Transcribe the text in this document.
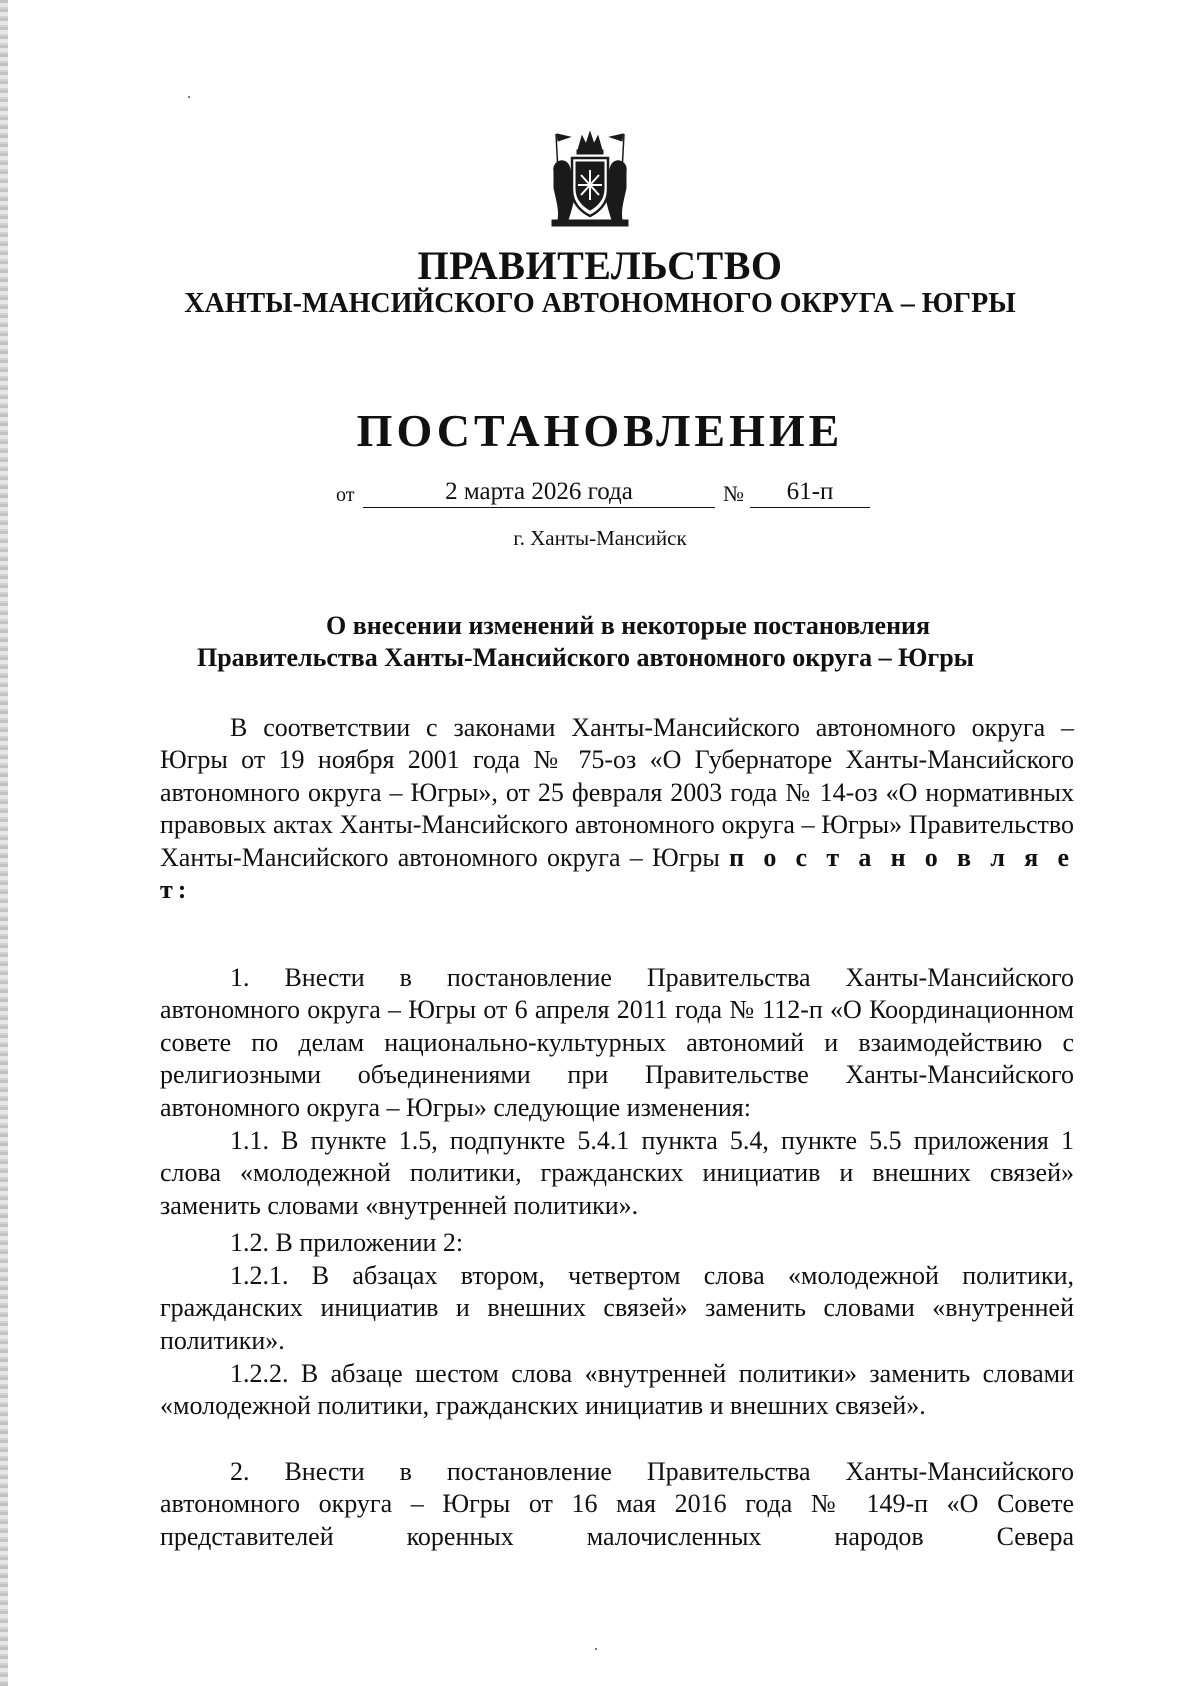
ПРАВИТЕЛЬСТВО
ХАНТЫ-МАНСИЙСКОГО АВТОНОМНОГО ОКРУГА – ЮГРЫ
ПОСТАНОВЛЕНИЕ
от	2 марта 2026 года	№	61-п
г. Ханты-Мансийск
О внесении изменений в некоторые постановления
Правительства Ханты-Мансийского автономного округа – Югры

В соответствии с законами Ханты-Мансийского автономного округа – Югры от 19 ноября 2001 года № 75-оз «О Губернаторе Ханты-Мансийского автономного округа – Югры», от 25 февраля 2003 года № 14-оз «О нормативных правовых актах Ханты-Мансийского автономного округа – Югры» Правительство Ханты-Мансийского автономного округа – Югры п о с т а н о в л я е т:

1. Внести в постановление Правительства Ханты-Мансийского автономного округа – Югры от 6 апреля 2011 года № 112-п «О Координационном совете по делам национально-культурных автономий и взаимодействию с религиозными объединениями при Правительстве Ханты-Мансийского автономного округа – Югры» следующие изменения:

1.1. В пункте 1.5, подпункте 5.4.1 пункта 5.4, пункте 5.5 приложения 1 слова «молодежной политики, гражданских инициатив и внешних связей» заменить словами «внутренней политики».

1.2. В приложении 2:

1.2.1. В абзацах втором, четвертом слова «молодежной политики, гражданских инициатив и внешних связей» заменить словами «внутренней политики».

1.2.2. В абзаце шестом слова «внутренней политики» заменить словами «молодежной политики, гражданских инициатив и внешних связей».

2. Внести в постановление Правительства Ханты-Мансийского автономного округа – Югры от 16 мая 2016 года № 149-п «О Совете представителей коренных малочисленных народов Севера
